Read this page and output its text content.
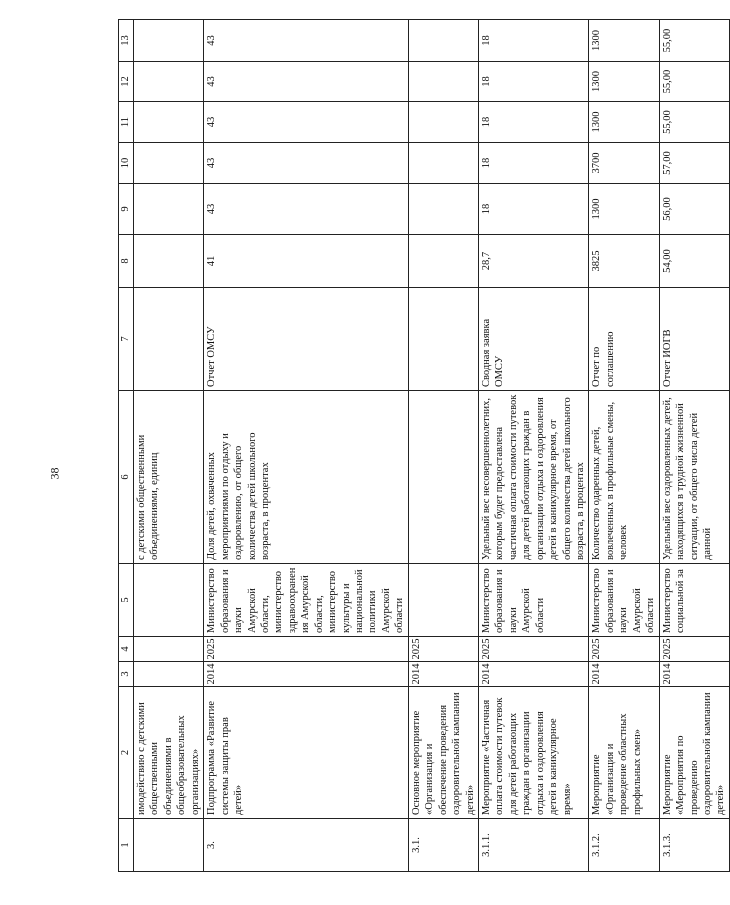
38
1	2	3	4	5	6	7	8	9	10	11	12	13
	имодействию с детскими общественными объединениями в общеобразовательных организациях»				с детскими общественными объединениями, единиц							
3.	Подпрограмма «Развитие системы защиты прав детей»	2014	2025	Министерство образования и науки Амурской области, министерство здравоохранения Амурской области, министерство культуры и национальной политики Амурской области	Доля детей, охваченных мероприятиями по отдыху и оздоровлению, от общего количества детей школьного возраста, в процентах	Отчет ОМСУ	41	43	43	43	43	43
3.1.	Основное мероприятие «Организация и обеспечение проведения оздоровительной кампании детей»	2014	2025									
3.1.1.	Мероприятие «Частичная оплата стоимости путевок для детей работающих граждан в организации отдыха и оздоровления детей в каникулярное время»	2014	2025	Министерство образования и науки Амурской области	Удельный вес несовершеннолетних, которым будет предоставлена частичная оплата стоимости путевок для детей работающих граждан в организации отдыха и оздоровления детей в каникулярное время, от общего количества детей школьного возраста, в процентах	Сводная заявка ОМСУ	28,7	18	18	18	18	18
3.1.2.	Мероприятие «Организация и проведение областных профильных смен»	2014	2025	Министерство образования и науки Амурской области	Количество одаренных детей, вовлеченных в профильные смены, человек	Отчет по соглашению	3825	1300	3700	1300	1300	1300
3.1.3.	Мероприятие «Мероприятия по проведению оздоровительной кампании детей»	2014	2025	Министерство социальной за	Удельный вес оздоровленных детей, находящихся в трудной жизненной ситуации, от общего числа детей данной	Отчет ИОГВ	54,00	56,00	57,00	55,00	55,00	55,00
